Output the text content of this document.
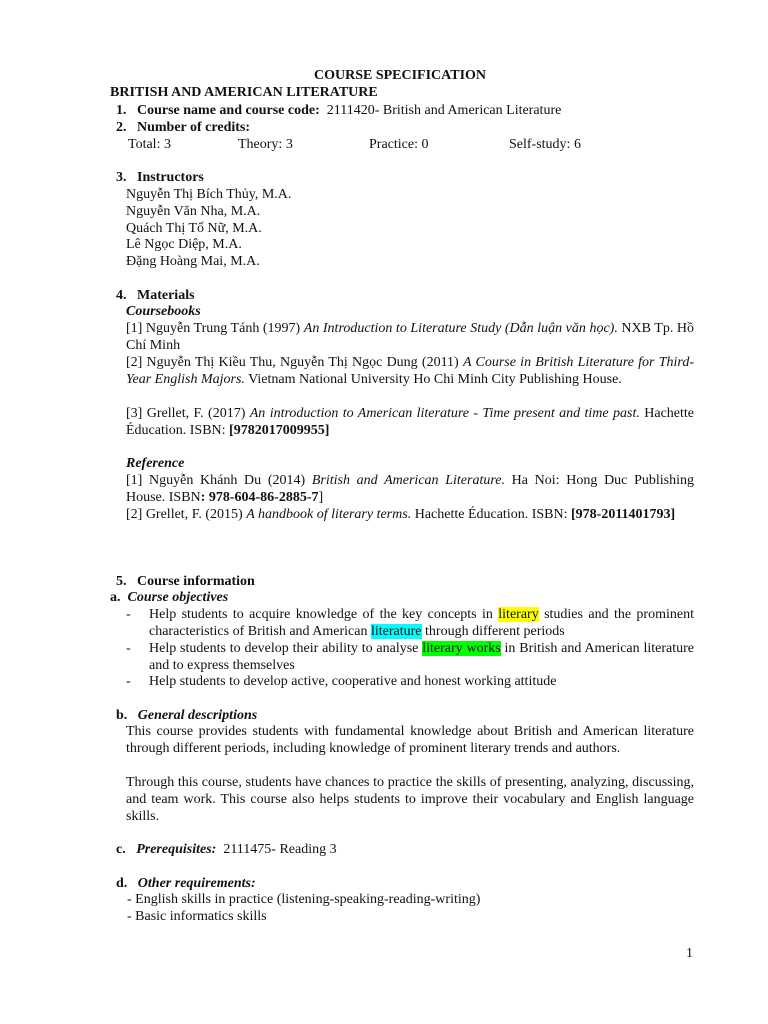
COURSE SPECIFICATION
BRITISH AND AMERICAN LITERATURE
1. Course name and course code: 2111420- British and American Literature
2. Number of credits:
Total: 3	Theory: 3	Practice: 0	Self-study: 6
3. Instructors
Nguyễn Thị Bích Thủy, M.A.
Nguyễn Văn Nha, M.A.
Quách Thị Tố Nữ, M.A.
Lê Ngọc Diệp, M.A.
Đặng Hoàng Mai, M.A.
4. Materials
Coursebooks
[1] Nguyễn Trung Tánh (1997) An Introduction to Literature Study (Dẫn luận văn học). NXB Tp. Hồ Chí Minh
[2] Nguyễn Thị Kiều Thu, Nguyễn Thị Ngọc Dung (2011) A Course in British Literature for Third-Year English Majors. Vietnam National University Ho Chi Minh City Publishing House.
[3] Grellet, F. (2017) An introduction to American literature - Time present and time past. Hachette Éducation. ISBN: [9782017009955]
Reference
[1] Nguyễn Khánh Du (2014) British and American Literature. Ha Noi: Hong Duc Publishing House. ISBN: 978-604-86-2885-7]
[2] Grellet, F. (2015) A handbook of literary terms. Hachette Éducation. ISBN: [978-2011401793]
5. Course information
a. Course objectives
- Help students to acquire knowledge of the key concepts in literary studies and the prominent characteristics of British and American literature through different periods
- Help students to develop their ability to analyse literary works in British and American literature and to express themselves
- Help students to develop active, cooperative and honest working attitude
b. General descriptions
This course provides students with fundamental knowledge about British and American literature through different periods, including knowledge of prominent literary trends and authors.
Through this course, students have chances to practice the skills of presenting, analyzing, discussing, and team work. This course also helps students to improve their vocabulary and English language skills.
c. Prerequisites: 2111475- Reading 3
d. Other requirements:
- English skills in practice (listening-speaking-reading-writing)
- Basic informatics skills
1
